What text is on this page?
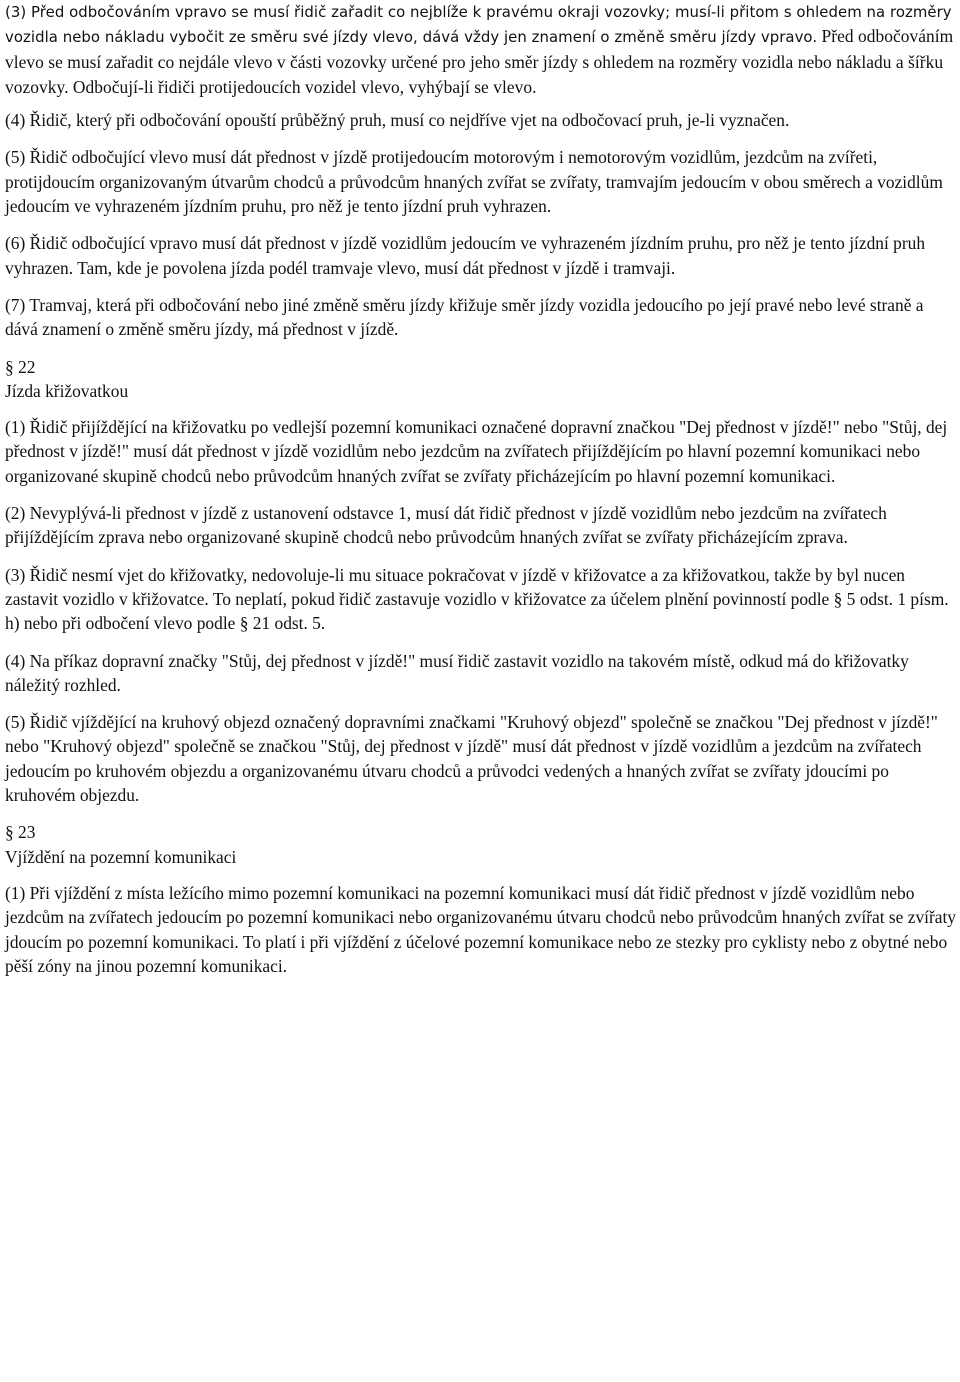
(3) Před odbočováním vpravo se musí řidič zařadit co nejblíže k pravému okraji vozovky; musí-li přitom s ohledem na rozměry vozidla nebo nákladu vybočit ze směru své jízdy vlevo, dává vždy jen znamení o změně směru jízdy vpravo. Před odbočováním vlevo se musí zařadit co nejdále vlevo v části vozovky určené pro jeho směr jízdy s ohledem na rozměry vozidla nebo nákladu a šířku vozovky. Odbočují-li řidiči protijedoucích vozidel vlevo, vyhýbají se vlevo.

(4) Řidič, který při odbočování opouští průběžný pruh, musí co nejdříve vjet na odbočovací pruh, je-li vyznačen.

(5) Řidič odbočující vlevo musí dát přednost v jízdě protijedoucím motorovým i nemotorovým vozidlům, jezdcům na zvířeti, protijdoucím organizovaným útvarům chodců a průvodcům hnaných zvířat se zvířaty, tramvajím jedoucím v obou směrech a vozidlům jedoucím ve vyhrazeném jízdním pruhu, pro něž je tento jízdní pruh vyhrazen.

(6) Řidič odbočující vpravo musí dát přednost v jízdě vozidlům jedoucím ve vyhrazeném jízdním pruhu, pro něž je tento jízdní pruh vyhrazen. Tam, kde je povolena jízda podél tramvaje vlevo, musí dát přednost v jízdě i tramvaji.

(7) Tramvaj, která při odbočování nebo jiné změně směru jízdy křižuje směr jízdy vozidla jedoucího po její pravé nebo levé straně a dává znamení o změně směru jízdy, má přednost v jízdě.

§ 22
Jízda křižovatkou

(1) Řidič přijíždějící na křižovatku po vedlejší pozemní komunikaci označené dopravní značkou "Dej přednost v jízdě!" nebo "Stůj, dej přednost v jízdě!" musí dát přednost v jízdě vozidlům nebo jezdcům na zvířatech přijíždějícím po hlavní pozemní komunikaci nebo organizované skupině chodců nebo průvodcům hnaných zvířat se zvířaty přicházejícím po hlavní pozemní komunikaci.

(2) Nevyplývá-li přednost v jízdě z ustanovení odstavce 1, musí dát řidič přednost v jízdě vozidlům nebo jezdcům na zvířatech přijíždějícím zprava nebo organizované skupině chodců nebo průvodcům hnaných zvířat se zvířaty přicházejícím zprava.

(3) Řidič nesmí vjet do křižovatky, nedovoluje-li mu situace pokračovat v jízdě v křižovatce a za křižovatkou, takže by byl nucen zastavit vozidlo v křižovatce. To neplatí, pokud řidič zastavuje vozidlo v křižovatce za účelem plnění povinností podle § 5 odst. 1 písm. h) nebo při odbočení vlevo podle § 21 odst. 5.

(4) Na příkaz dopravní značky "Stůj, dej přednost v jízdě!" musí řidič zastavit vozidlo na takovém místě, odkud má do křižovatky náležitý rozhled.

(5) Řidič vjíždějící na kruhový objezd označený dopravními značkami "Kruhový objezd" společně se značkou "Dej přednost v jízdě!" nebo "Kruhový objezd" společně se značkou "Stůj, dej přednost v jízdě" musí dát přednost v jízdě vozidlům a jezdcům na zvířatech jedoucím po kruhovém objezdu a organizovanému útvaru chodců a průvodci vedených a hnaných zvířat se zvířaty jdoucími po kruhovém objezdu.

§ 23
Vjíždění na pozemní komunikaci

(1) Při vjíždění z místa ležícího mimo pozemní komunikaci na pozemní komunikaci musí dát řidič přednost v jízdě vozidlům nebo jezdcům na zvířatech jedoucím po pozemní komunikaci nebo organizovanému útvaru chodců nebo průvodcům hnaných zvířat se zvířaty jdoucím po pozemní komunikaci. To platí i při vjíždění z účelové pozemní komunikace nebo ze stezky pro cyklisty nebo z obytné nebo pěší zóny na jinou pozemní komunikaci.
